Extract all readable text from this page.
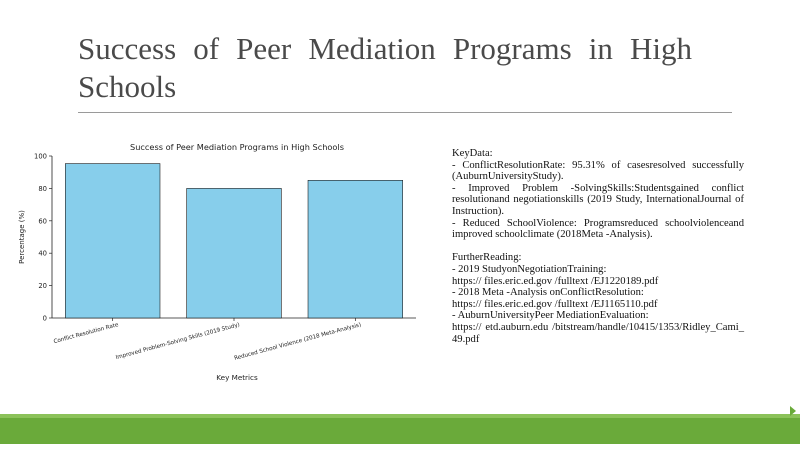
Success of Peer Mediation Programs in High Schools
Success of Peer Mediation Programs in High Schools
Percentage (%)
Key Metrics
0
20
40
60
80
100
Conflict Resolution Rate
Improved Problem-Solving Skills (2019 Study)
Reduced School Violence (2018 Meta-Analysis)
KeyData:
- ConflictResolutionRate: 95.31% of casesresolved successfully (AuburnUniversityStudy).
- Improved Problem -SolvingSkills:Studentsgained conflict resolutionand negotiationskills (2019 Study, InternationalJournal of Instruction).
- Reduced SchoolViolence: Programsreduced schoolviolenceand improved schoolclimate (2018Meta -Analysis).
FurtherReading:
- 2019 StudyonNegotiationTraining:
https:// files.eric.ed.gov /fulltext /EJ1220189.pdf
- 2018 Meta -Analysis onConflictResolution:
https:// files.eric.ed.gov /fulltext /EJ1165110.pdf
- AuburnUniversityPeer MediationEvaluation:
https:// etd.auburn.edu /bitstream/handle/10415/1353/Ridley_Cami_49.pdf
